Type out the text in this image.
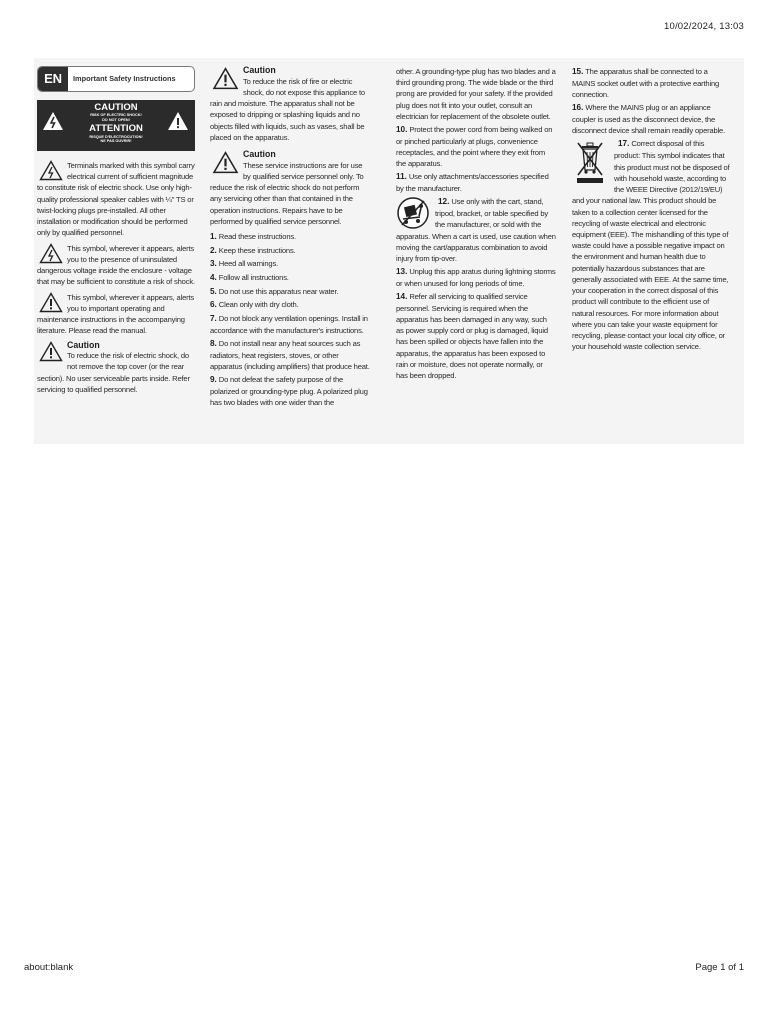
10/02/2024, 13:03
EN	Important Safety Instructions
CAUTION
RISK OF ELECTRIC SHOCK!
DO NOT OPEN!
ATTENTION
RISQUE D'ELECTROCUTION!
NE PAS OUVRIR!
Terminals marked with this symbol carry electrical current of sufficient magnitude to constitute risk of electric shock. Use only high-quality professional speaker cables with ¼" TS or twist-locking plugs pre-installed. All other installation or modification should be performed only by qualified personnel.
This symbol, wherever it appears, alerts you to the presence of uninsulated dangerous voltage inside the enclosure - voltage that may be sufficient to constitute a risk of shock.
This symbol, wherever it appears, alerts you to important operating and maintenance instructions in the accompanying literature. Please read the manual.
Caution
To reduce the risk of electric shock, do not remove the top cover (or the rear section). No user serviceable parts inside. Refer servicing to qualified personnel.
Caution
To reduce the risk of fire or electric shock, do not expose this appliance to rain and moisture. The apparatus shall not be exposed to dripping or splashing liquids and no objects filled with liquids, such as vases, shall be placed on the apparatus.
Caution
These service instructions are for use by qualified service personnel only. To reduce the risk of electric shock do not perform any servicing other than that contained in the operation instructions. Repairs have to be performed by qualified service personnel.
1. Read these instructions.
2. Keep these instructions.
3. Heed all warnings.
4. Follow all instructions.
5. Do not use this apparatus near water.
6. Clean only with dry cloth.
7. Do not block any ventilation openings. Install in accordance with the manufacturer's instructions.
8. Do not install near any heat sources such as radiators, heat registers, stoves, or other apparatus (including amplifiers) that produce heat.
9. Do not defeat the safety purpose of the polarized or grounding-type plug. A polarized plug has two blades with one wider than the
other. A grounding-type plug has two blades and a third grounding prong. The wide blade or the third prong are provided for your safety. If the provided plug does not fit into your outlet, consult an electrician for replacement of the obsolete outlet.
10. Protect the power cord from being walked on or pinched particularly at plugs, convenience receptacles, and the point where they exit from the apparatus.
11. Use only attachments/accessories specified by the manufacturer.
12. Use only with the cart, stand, tripod, bracket, or table specified by the manufacturer, or sold with the apparatus. When a cart is used, use caution when moving the cart/apparatus combination to avoid injury from tip-over.
13. Unplug this app aratus during lightning storms or when unused for long periods of time.
14. Refer all servicing to qualified service personnel. Servicing is required when the apparatus has been damaged in any way, such as power supply cord or plug is damaged, liquid has been spilled or objects have fallen into the apparatus, the apparatus has been exposed to rain or moisture, does not operate normally, or has been dropped.
15. The apparatus shall be connected to a MAINS socket outlet with a protective earthing connection.
16. Where the MAINS plug or an appliance coupler is used as the disconnect device, the disconnect device shall remain readily operable.
17. Correct disposal of this product: This symbol indicates that this product must not be disposed of with household waste, according to the WEEE Directive (2012/19/EU) and your national law. This product should be taken to a collection center licensed for the recycling of waste electrical and electronic equipment (EEE). The mishandling of this type of waste could have a possible negative impact on the environment and human health due to potentially hazardous substances that are generally associated with EEE. At the same time, your cooperation in the correct disposal of this product will contribute to the efficient use of natural resources. For more information about where you can take your waste equipment for recycling, please contact your local city office, or your household waste collection service.
about:blank	Page 1 of 1
